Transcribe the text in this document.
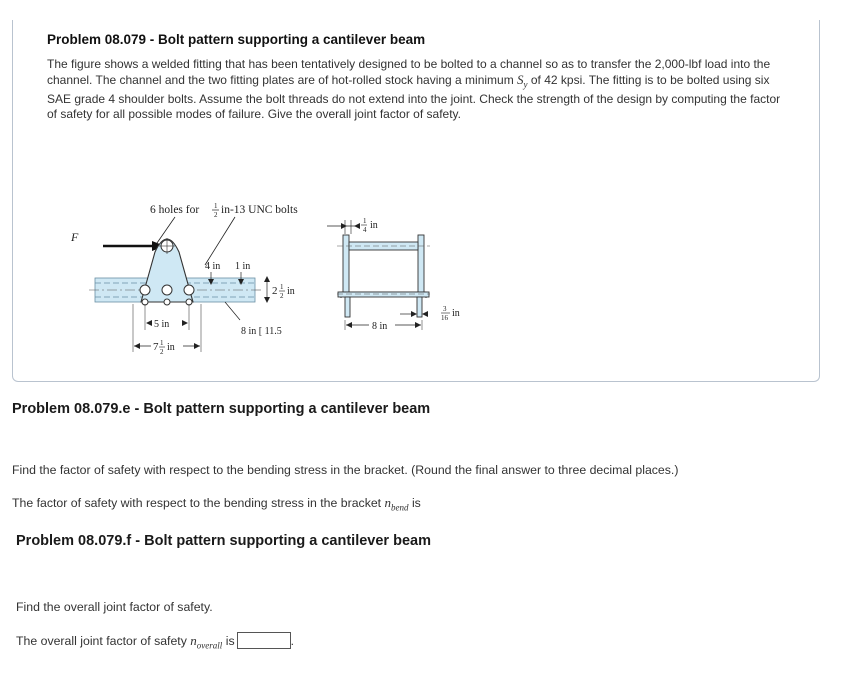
Problem 08.079 - Bolt pattern supporting a cantilever beam
The figure shows a welded fitting that has been tentatively designed to be bolted to a channel so as to transfer the 2,000-lbf load into the channel. The channel and the two fitting plates are of hot-rolled stock having a minimum $S_y$ of 42 kpsi. The fitting is to be bolted using six SAE grade 4 shoulder bolts. Assume the bolt threads do not extend into the joint. Check the strength of the design by computing the factor of safety for all possible modes of failure. Give the overall joint factor of safety.
6 holes for 1
2 in-13 UNC bolts
F
4 in 1 in
2 1
2 in
5 in
7 1
2 in
8 in [ 11.5
1
4 in
8 in
3
16 in
Problem 08.079.e - Bolt pattern supporting a cantilever beam
Find the factor of safety with respect to the bending stress in the bracket. (Round the final answer to three decimal places.)
The factor of safety with respect to the bending stress in the bracket $n_{bend}$ is
Problem 08.079.f - Bolt pattern supporting a cantilever beam
Find the overall joint factor of safety.
The overall joint factor of safety $n_{overall}$ is	.
